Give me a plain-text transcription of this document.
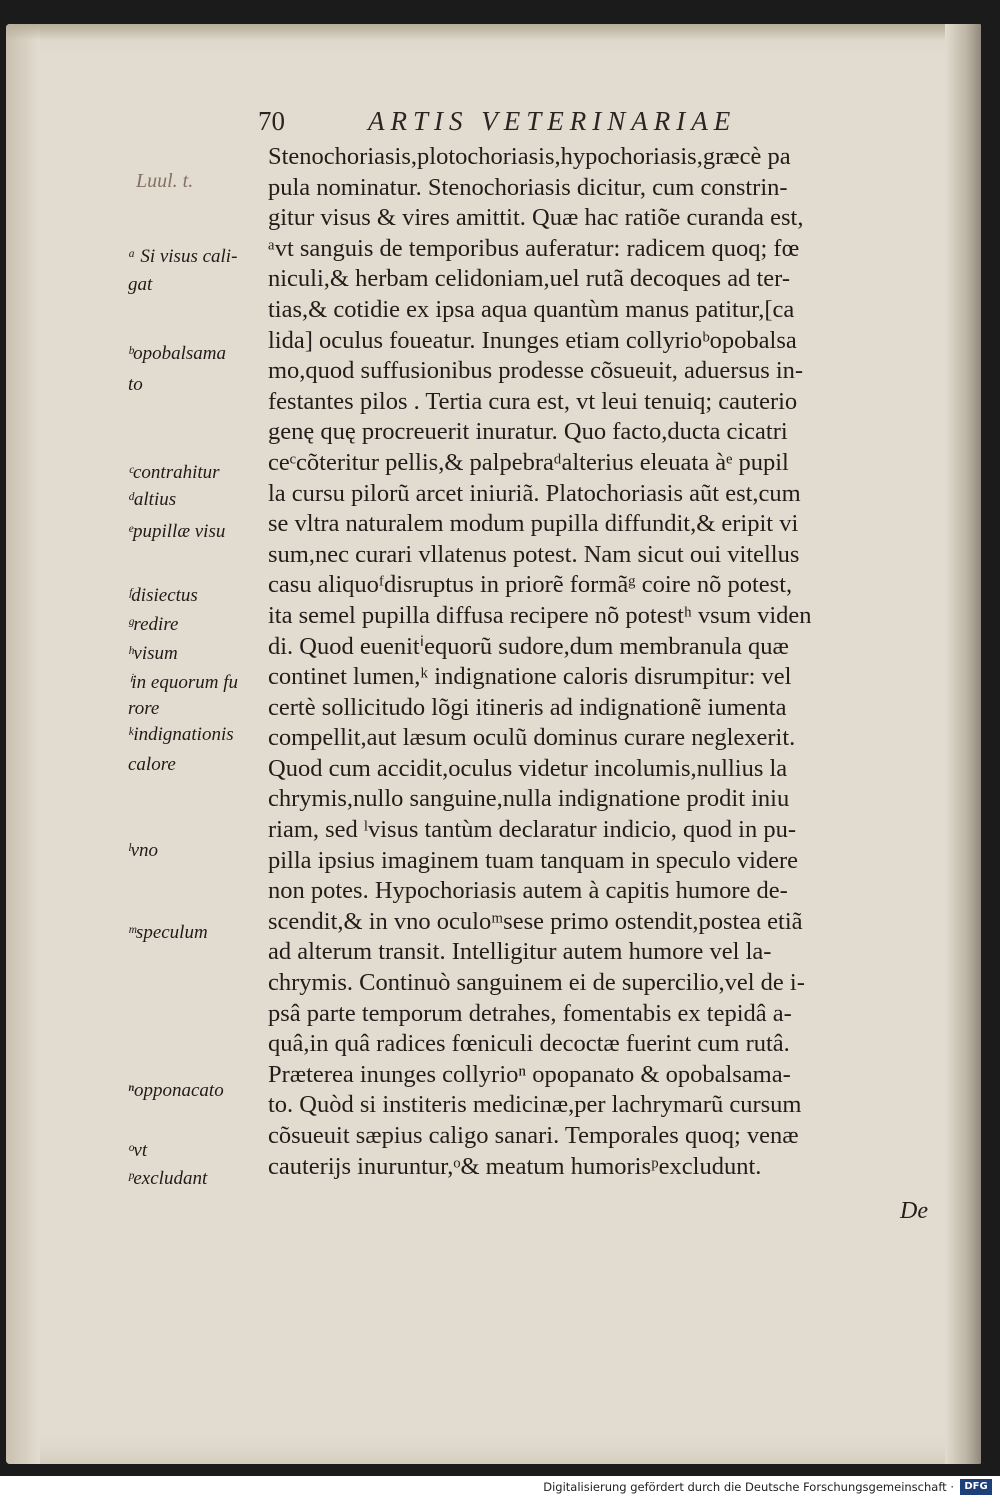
70	ARTIS VETERINARIAE
Luul. t.
Stenochoriasis,plotochoriasis,hypochoriasis,græcè pa
pula nominatur. Stenochoriasis dicitur, cum constrin-
gitur visus & vires amittit. Quæ hac ratiõe curanda est,
ᵃvt sanguis de temporibus auferatur: radicem quoq; fœ
niculi,& herbam celidoniam,uel rutã decoques ad ter-
tias,& cotidie ex ipsa aqua quantùm manus patitur,[ca
lida] oculus foueatur. Inunges etiam collyrioᵇopobalsa
mo,quod suffusionibus prodesse cõsueuit, aduersus in-
festantes pilos . Tertia cura est, vt leui tenuiq; cauterio
genę quę procreuerit inuratur. Quo facto,ducta cicatri
ceᶜcõteritur pellis,& palpebraᵈalterius eleuata àᵉ pupil
la cursu pilorũ arcet iniuriã. Platochoriasis aũt est,cum
se vltra naturalem modum pupilla diffundit,& eripit vi
sum,nec curari vllatenus potest. Nam sicut oui vitellus
casu aliquoᶠdisruptus in priorẽ formãᵍ coire nõ potest,
ita semel pupilla diffusa recipere nõ potestʰ vsum viden
di. Quod euenitⁱequorũ sudore,dum membranula quæ
continet lumen,ᵏ indignatione caloris disrumpitur: vel
certè sollicitudo lõgi itineris ad indignationẽ iumenta
compellit,aut læsum oculũ dominus curare neglexerit.
Quod cum accidit,oculus videtur incolumis,nullius la
chrymis,nullo sanguine,nulla indignatione prodit iniu
riam, sed ˡvisus tantùm declaratur indicio, quod in pu-
pilla ipsius imaginem tuam tanquam in speculo videre
non potes. Hypochoriasis autem à capitis humore de-
scendit,& in vno oculoᵐsese primo ostendit,postea etiã
ad alterum transit. Intelligitur autem humore vel la-
chrymis. Continuò sanguinem ei de supercilio,vel de i-
psâ parte temporum detrahes, fomentabis ex tepidâ a-
quâ,in quâ radices fœniculi decoctæ fuerint cum rutâ.
Prӕterea inunges collyrioⁿ opopanato & opobalsama-
to. Quòd si institeris medicinæ,per lachrymarũ cursum
cõsueuit sæpius caligo sanari. Temporales quoq; venæ
cauterijs inuruntur,ᵒ& meatum humorisᵖexcludunt.
De
ᵃ Si visus cali-
gat
ᵇopobalsama
to
ᶜcontrahitur
ᵈaltius
ᵉpupillæ visu
ᶠdisiectus
ᵍredire
ʰvisum
ⁱin equorum fu
rore
ᵏindignationis
calore
ˡvno
ᵐspeculum
ⁿopponacato
ᵒvt
ᵖexcludant
Digitalisierung gefördert durch die Deutsche Forschungsgemeinschaft ·	DFG
